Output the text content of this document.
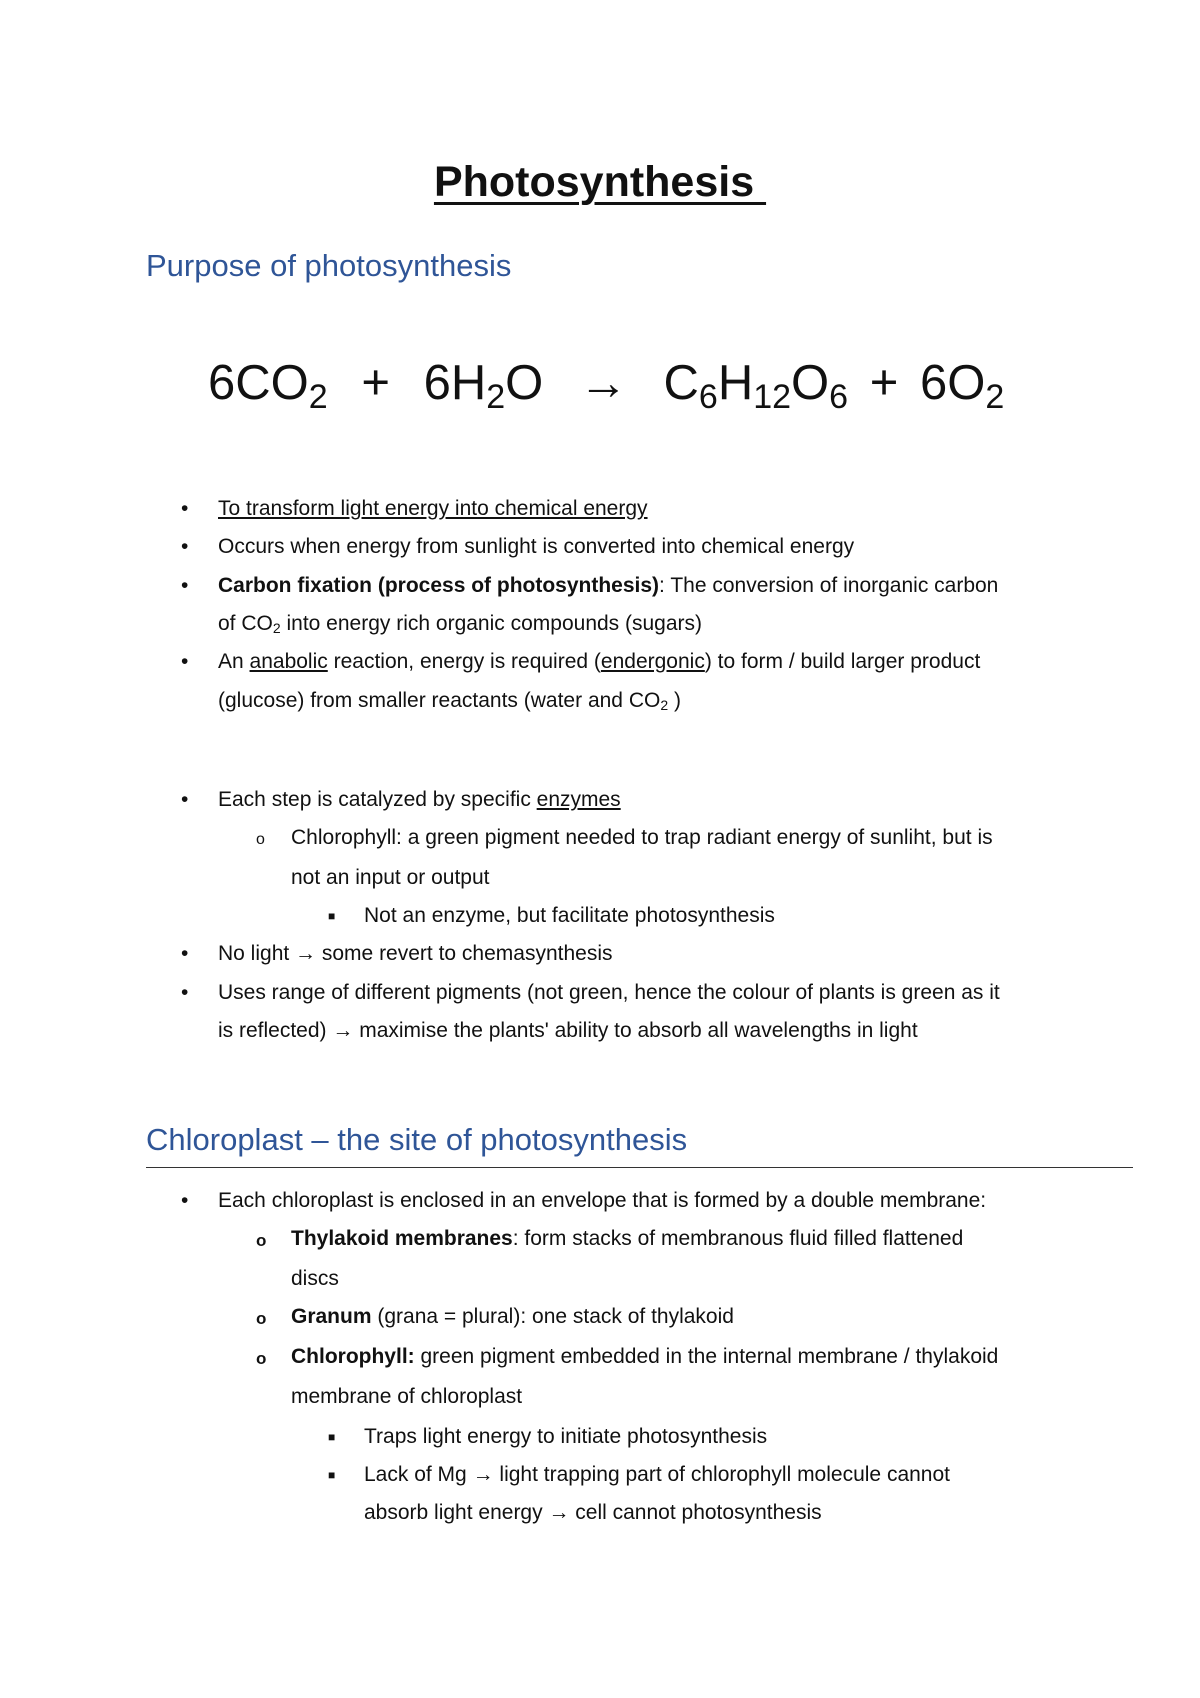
Photosynthesis
Purpose of photosynthesis
$6CO_2 + 6H_2O \to C_6H_{12}O_6 + 6O_2$
• To transform light energy into chemical energy
• Occurs when energy from sunlight is converted into chemical energy
• Carbon fixation (process of photosynthesis): The conversion of inorganic carbon
of CO2 into energy rich organic compounds (sugars)
• An anabolic reaction, energy is required (endergonic) to form / build larger product
(glucose) from smaller reactants (water and CO2 )
• Each step is catalyzed by specific enzymes
o Chlorophyll: a green pigment needed to trap radiant energy of sunliht, but is
not an input or output
■ Not an enzyme, but facilitate photosynthesis
• No light → some revert to chemasynthesis
• Uses range of different pigments (not green, hence the colour of plants is green as it
is reflected) → maximise the plants' ability to absorb all wavelengths in light
Chloroplast – the site of photosynthesis
• Each chloroplast is enclosed in an envelope that is formed by a double membrane:
o Thylakoid membranes: form stacks of membranous fluid filled flattened
discs
o Granum (grana = plural): one stack of thylakoid
o Chlorophyll: green pigment embedded in the internal membrane / thylakoid
membrane of chloroplast
■ Traps light energy to initiate photosynthesis
■ Lack of Mg → light trapping part of chlorophyll molecule cannot
absorb light energy → cell cannot photosynthesis
